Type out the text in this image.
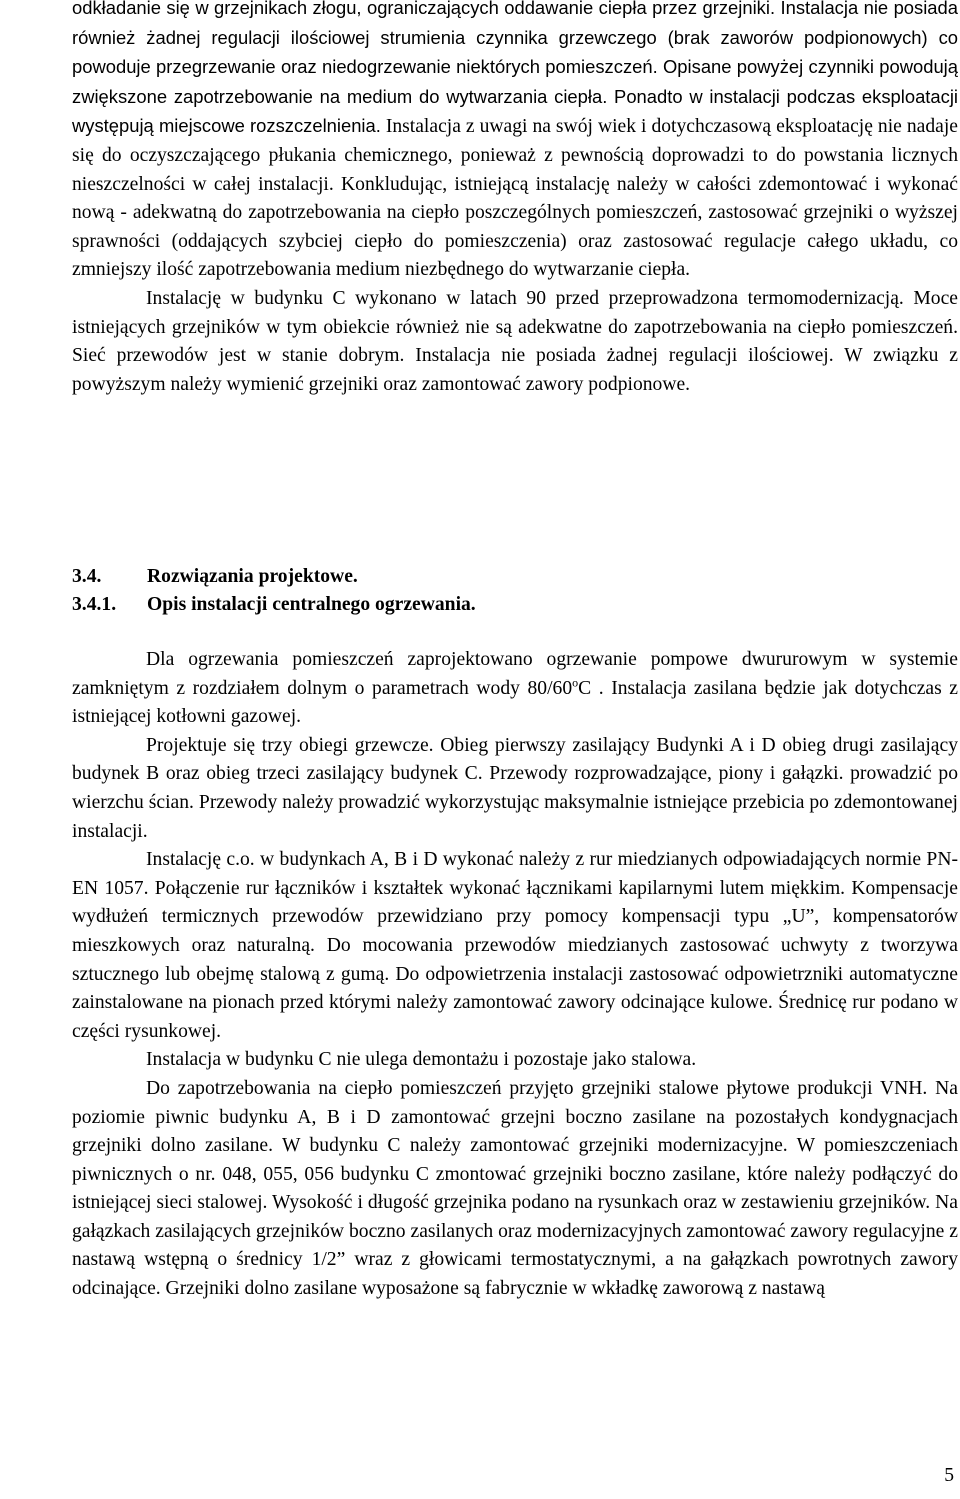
odkładanie się w grzejnikach złogu, ograniczających oddawanie ciepła przez grzejniki. Instalacja nie posiada również żadnej regulacji ilościowej strumienia czynnika grzewczego (brak zaworów podpionowych) co powoduje przegrzewanie oraz niedogrzewanie niektórych pomieszczeń. Opisane powyżej czynniki powodują zwiększone zapotrzebowanie na medium do wytwarzania ciepła. Ponadto w instalacji podczas eksploatacji występują miejscowe rozszczelnienia. Instalacja z uwagi na swój wiek i dotychczasową eksploatację nie nadaje się do oczyszczającego płukania chemicznego, ponieważ z pewnością doprowadzi to do powstania licznych nieszczelności w całej instalacji. Konkludując, istniejącą instalację należy w całości zdemontować i wykonać nową - adekwatną do zapotrzebowania na ciepło poszczególnych pomieszczeń, zastosować grzejniki o wyższej sprawności (oddających szybciej ciepło do pomieszczenia) oraz zastosować regulacje całego układu, co zmniejszy ilość zapotrzebowania medium niezbędnego do wytwarzanie ciepła.

Instalację w budynku C wykonano w latach 90 przed przeprowadzona termomodernizacją. Moce istniejących grzejników w tym obiekcie również nie są adekwatne do zapotrzebowania na ciepło pomieszczeń. Sieć przewodów jest w stanie dobrym. Instalacja nie posiada żadnej regulacji ilościowej. W związku z powyższym należy wymienić grzejniki oraz zamontować zawory podpionowe.

3.4. Rozwiązania projektowe.
3.4.1. Opis instalacji centralnego ogrzewania.

Dla ogrzewania pomieszczeń zaprojektowano ogrzewanie pompowe dwururowym w systemie zamkniętym z rozdziałem dolnym o parametrach wody 80/60$^o$C . Instalacja zasilana będzie jak dotychczas z istniejącej kotłowni gazowej.

Projektuje się trzy obiegi grzewcze. Obieg pierwszy zasilający Budynki A i D obieg drugi zasilający budynek B oraz obieg trzeci zasilający budynek C. Przewody rozprowadzające, piony i gałązki. prowadzić po wierzchu ścian. Przewody należy prowadzić wykorzystując maksymalnie istniejące przebicia po zdemontowanej instalacji.

Instalację c.o. w budynkach A, B i D wykonać należy z rur miedzianych odpowiadających normie PN-EN 1057. Połączenie rur łączników i kształtek wykonać łącznikami kapilarnymi lutem miękkim. Kompensacje wydłużeń termicznych przewodów przewidziano przy pomocy kompensacji typu „U”, kompensatorów mieszkowych oraz naturalną. Do mocowania przewodów miedzianych zastosować uchwyty z tworzywa sztucznego lub obejmę stalową z gumą. Do odpowietrzenia instalacji zastosować odpowietrzniki automatyczne zainstalowane na pionach przed którymi należy zamontować zawory odcinające kulowe. Średnicę rur podano w części rysunkowej.

Instalacja w budynku C nie ulega demontażu i pozostaje jako stalowa.

Do zapotrzebowania na ciepło pomieszczeń przyjęto grzejniki stalowe płytowe produkcji VNH. Na poziomie piwnic budynku A, B i D zamontować grzejni boczno zasilane na pozostałych kondygnacjach grzejniki dolno zasilane. W budynku C należy zamontować grzejniki modernizacyjne. W pomieszczeniach piwnicznych o nr. 048, 055, 056 budynku C zmontować grzejniki boczno zasilane, które należy podłączyć do istniejącej sieci stalowej. Wysokość i długość grzejnika podano na rysunkach oraz w zestawieniu grzejników. Na gałązkach zasilających grzejników boczno zasilanych oraz modernizacyjnych zamontować zawory regulacyjne z nastawą wstępną o średnicy 1/2” wraz z głowicami termostatycznymi, a na gałązkach powrotnych zawory odcinające. Grzejniki dolno zasilane wyposażone są fabrycznie w wkładkę zaworową z nastawą

5
